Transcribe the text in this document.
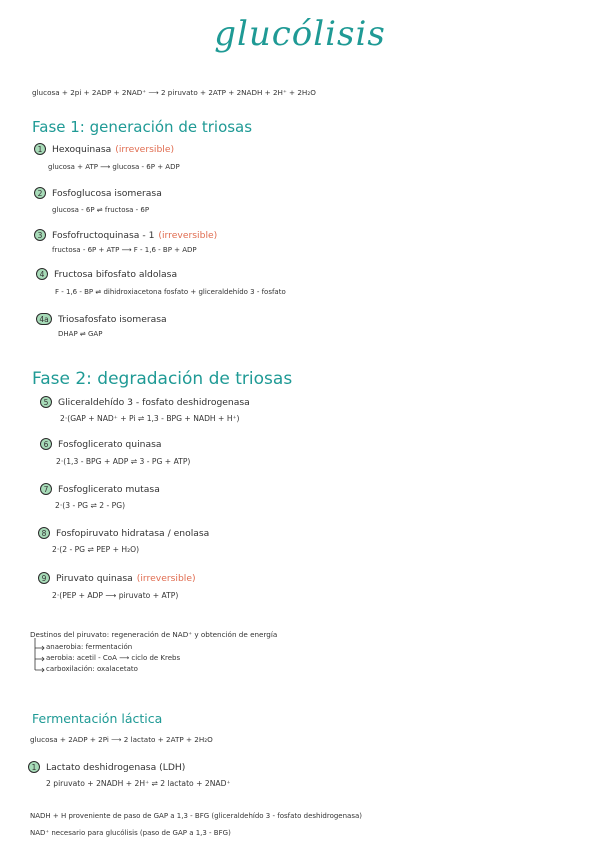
glucólisis
glucosa + 2pi + 2ADP + 2NAD⁺ ⟶ 2 piruvato + 2ATP + 2NADH + 2H⁺ + 2H₂O
Fase 1: generación de triosas
1	Hexoquinasa (irreversible)
glucosa + ATP ⟶ glucosa - 6P + ADP
2	Fosfoglucosa isomerasa
glucosa - 6P ⇌ fructosa - 6P
3	Fosfofructoquinasa - 1 (irreversible)
fructosa - 6P + ATP ⟶ F - 1,6 - BP + ADP
4	Fructosa bifosfato aldolasa
F - 1,6 - BP ⇌ dihidroxiacetona fosfato + gliceraldehído 3 - fosfato
4a	Triosafosfato isomerasa
DHAP ⇌ GAP
Fase 2: degradación de triosas
5	Gliceraldehído 3 - fosfato deshidrogenasa
2·(GAP + NAD⁺ + Pi ⇌ 1,3 - BPG + NADH + H⁺)
6	Fosfoglicerato quinasa
2·(1,3 - BPG + ADP ⇌ 3 - PG + ATP)
7	Fosfoglicerato mutasa
2·(3 - PG ⇌ 2 - PG)
8	Fosfopiruvato hidratasa / enolasa
2·(2 - PG ⇌ PEP + H₂O)
9	Piruvato quinasa (irreversible)
2·(PEP + ADP ⟶ piruvato + ATP)
Destinos del piruvato: regeneración de NAD⁺ y obtención de energía
anaerobia: fermentación
aerobia: acetil - CoA ⟶ ciclo de Krebs
carboxilación: oxalacetato
Fermentación láctica
glucosa + 2ADP + 2Pi ⟶ 2 lactato + 2ATP + 2H₂O
1	Lactato deshidrogenasa (LDH)
2 piruvato + 2NADH + 2H⁺ ⇌ 2 lactato + 2NAD⁺
NADH + H proveniente de paso de GAP a 1,3 - BFG (gliceraldehído 3 - fosfato deshidrogenasa)
NAD⁺ necesario para glucólisis (paso de GAP a 1,3 - BFG)
